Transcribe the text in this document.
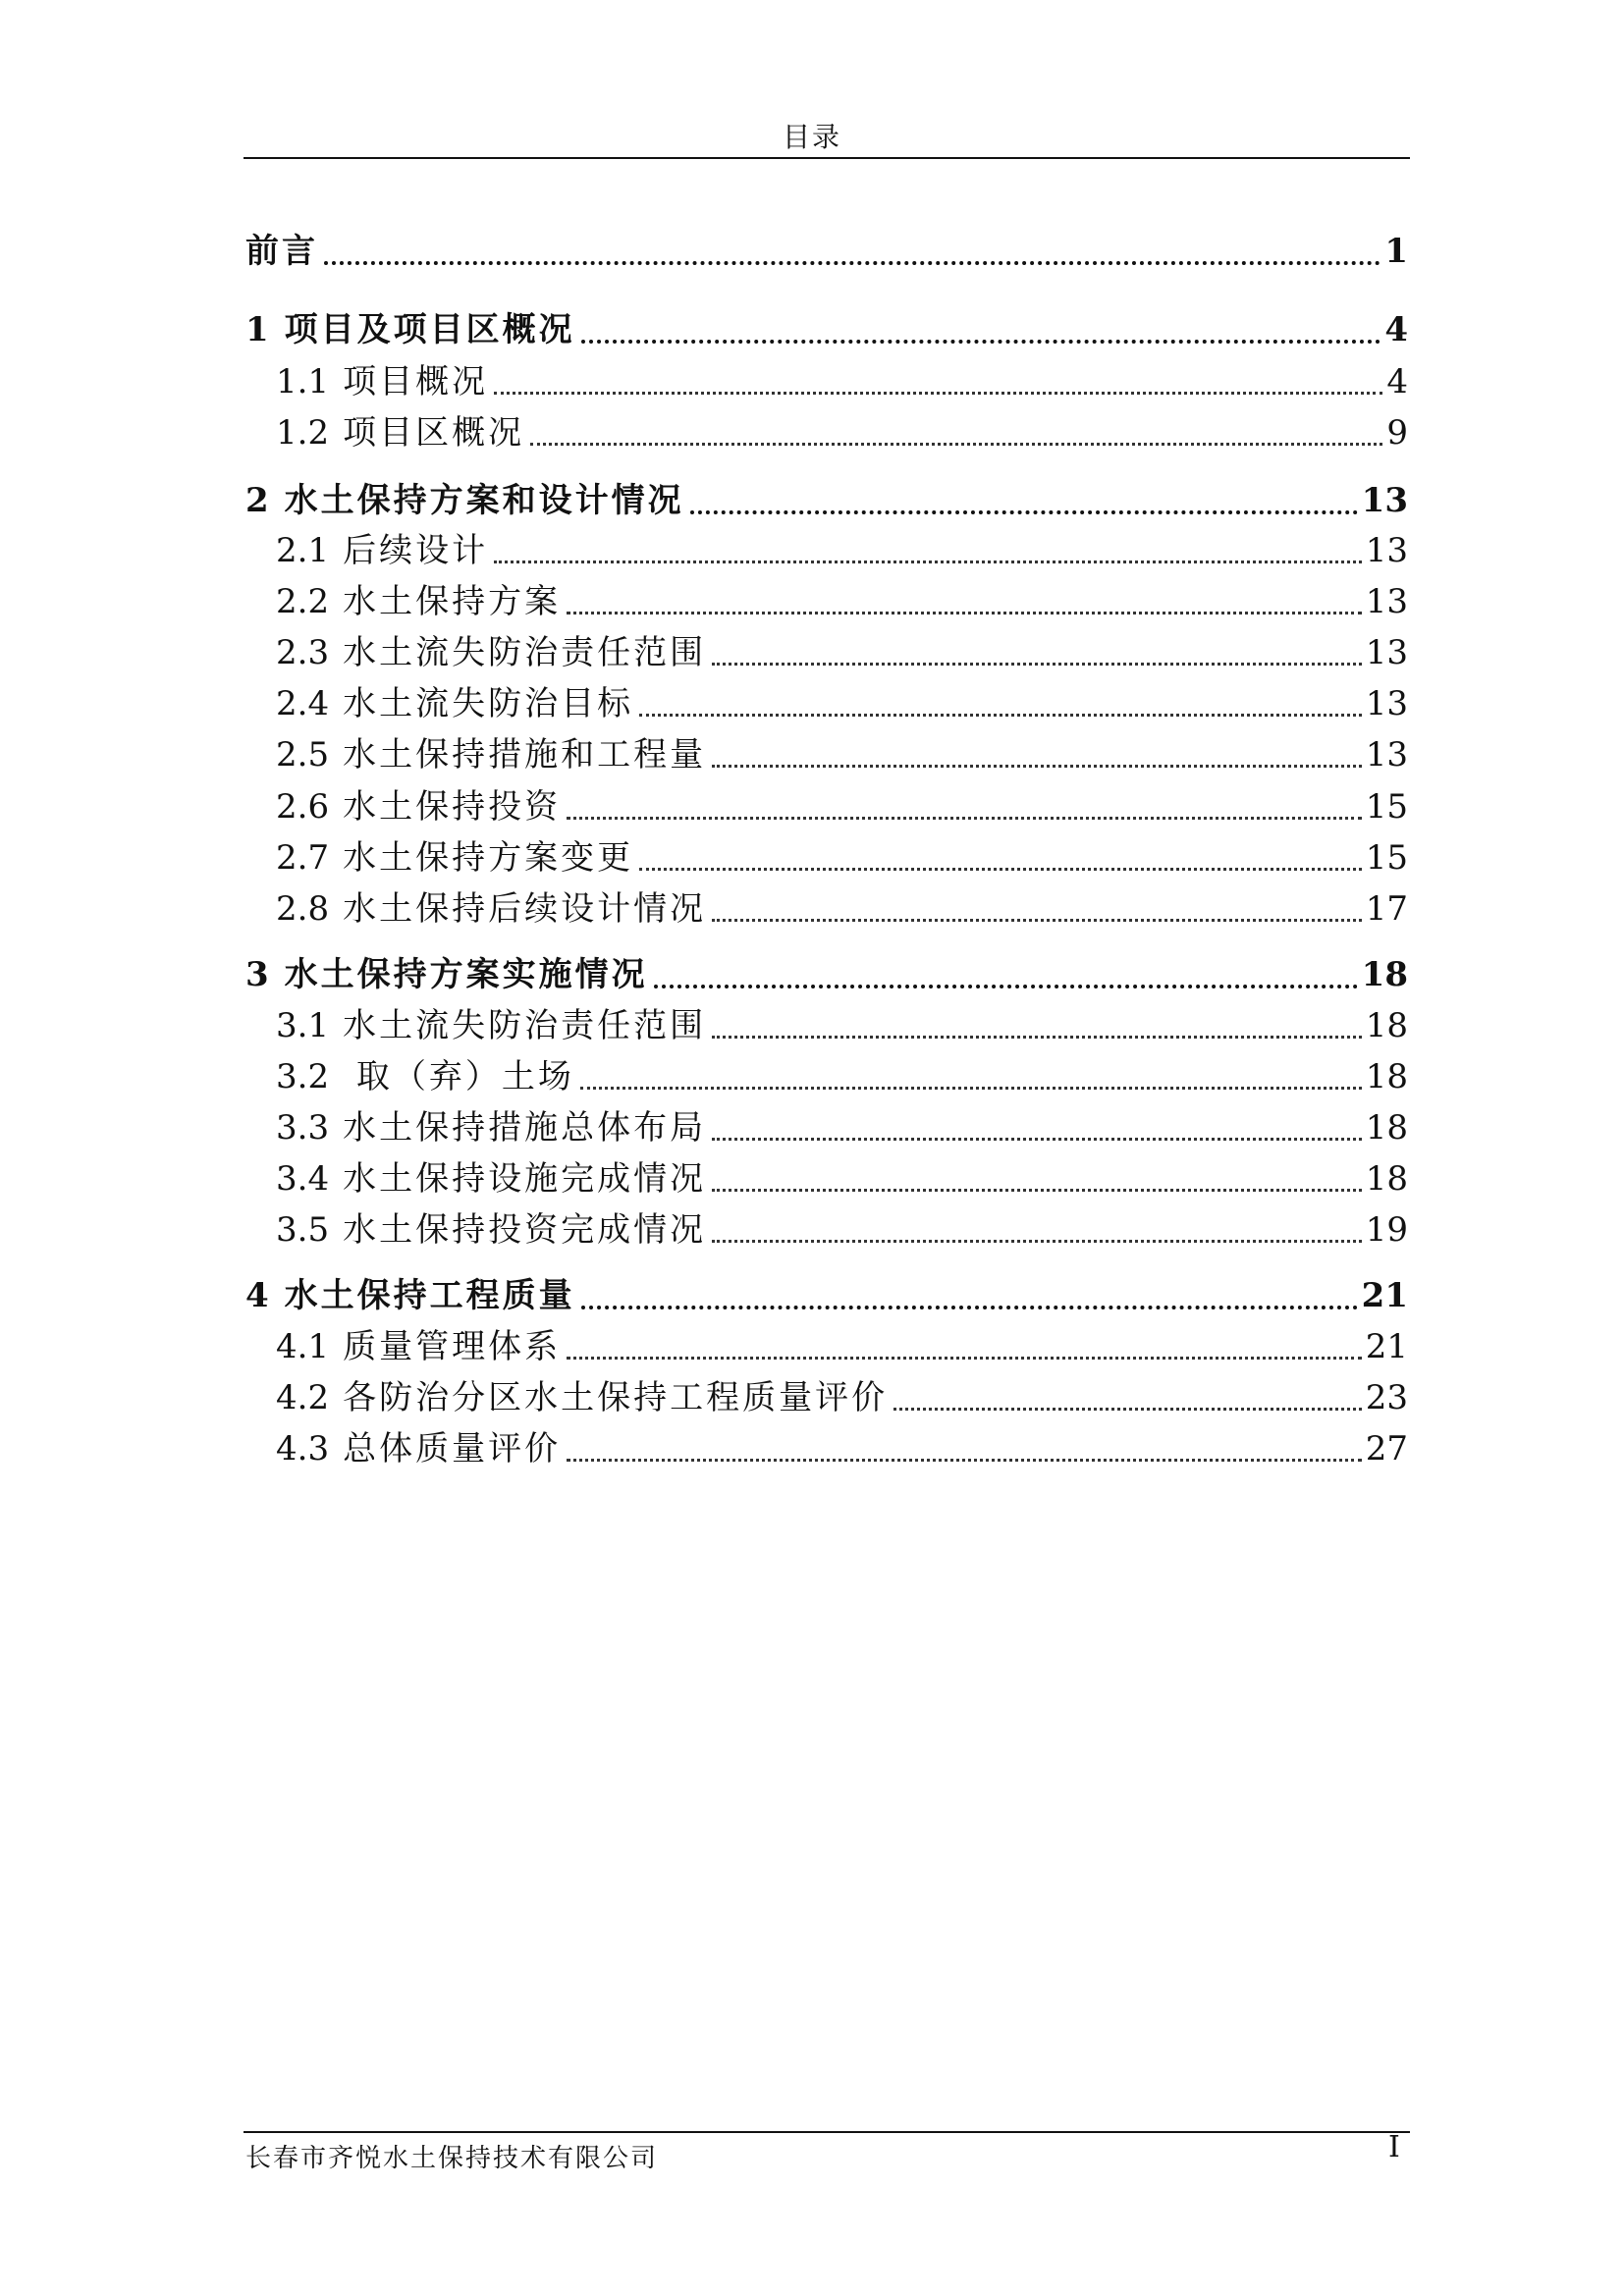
目录
前言	1
1 项目及项目区概况	4
1.1 项目概况	4
1.2 项目区概况	9
2 水土保持方案和设计情况	13
2.1 后续设计	13
2.2 水土保持方案	13
2.3 水土流失防治责任范围	13
2.4 水土流失防治目标	13
2.5 水土保持措施和工程量	13
2.6 水土保持投资	15
2.7 水土保持方案变更	15
2.8 水土保持后续设计情况	17
3 水土保持方案实施情况	18
3.1 水土流失防治责任范围	18
3.2 取（弃）土场	18
3.3 水土保持措施总体布局	18
3.4 水土保持设施完成情况	18
3.5 水土保持投资完成情况	19
4 水土保持工程质量	21
4.1 质量管理体系	21
4.2 各防治分区水土保持工程质量评价	23
4.3 总体质量评价	27
长春市齐悦水土保持技术有限公司	I
